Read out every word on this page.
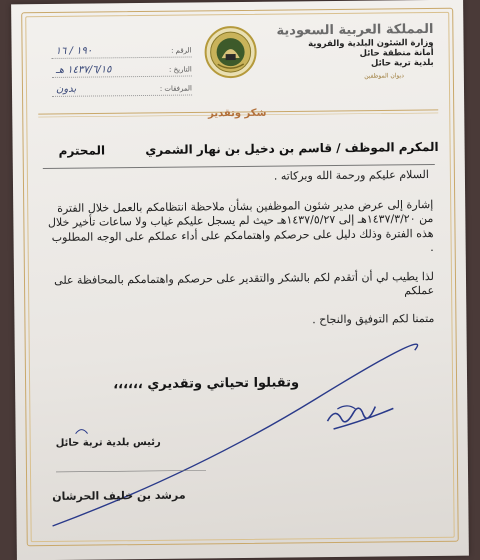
المملكة العربية السعودية
وزارة الشئون البلدية والقروية
أمانة منطقة حائل
بلدية تربة حائل
ديوان الموظفين
الرقم :
١٩٠ / ١٦
التاريخ :
١٤٣٧/٦/١٥ هـ
المرفقات :
بدون
شكر وتقدير
المكرم الموظف / قاسم بن دخيل بن نهار الشمري
المحترم
السلام عليكم ورحمة الله وبركاته .
إشارة إلى عرض مدير شئون الموظفين بشأن ملاحظة انتظامكم بالعمل خلال الفترة من ١٤٣٧/٣/٢٠هـ إلى ١٤٣٧/٥/٢٧هـ حيث لم يسجل عليكم غياب ولا ساعات تأخير خلال هذه الفترة وذلك دليل على حرصكم واهتمامكم على أداء عملكم على الوجه المطلوب .
لذا يطيب لي أن أتقدم لكم بالشكر والتقدير على حرصكم واهتمامكم بالمحافظة على عملكم
متمنا لكم التوفيق والنجاح .
وتقبلوا تحياتي وتقديري ،،،،،،
رئيس بلدية تربة حائل
مرشد بن خليف الحرشان
